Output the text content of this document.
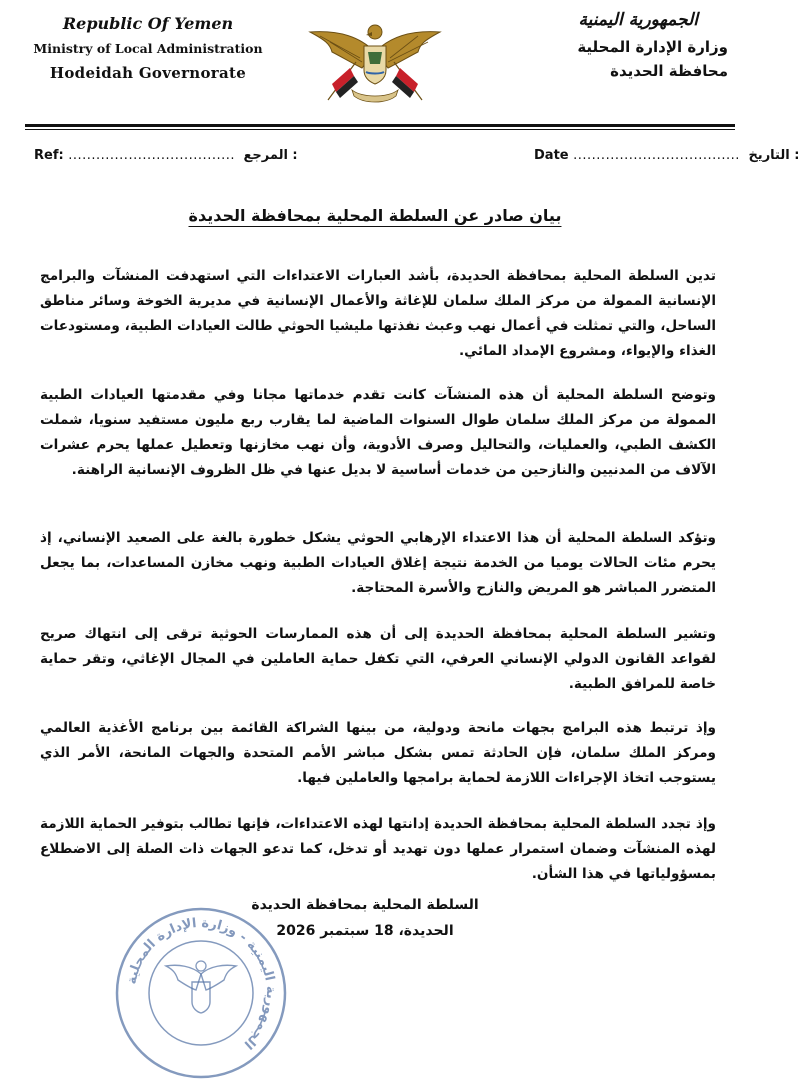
Republic Of Yemen
Ministry of Local Administration
Hodeidah Governorate
الجمهورية اليمنية
وزارة الإدارة المحلية
محافظة الحديدة
Ref: .................................... المرجع :	Date .................................... التاريخ :
بيان صادر عن السلطة المحلية بمحافظة الحديدة
تدين السلطة المحلية بمحافظة الحديدة، بأشد العبارات الاعتداءات التي استهدفت المنشآت والبرامج الإنسانية الممولة من مركز الملك سلمان للإغاثة والأعمال الإنسانية في مديرية الخوخة وسائر مناطق الساحل، والتي تمثلت في أعمال نهب وعبث نفذتها مليشيا الحوثي طالت العيادات الطبية، ومستودعات الغذاء والإيواء، ومشروع الإمداد المائي.
وتوضح السلطة المحلية أن هذه المنشآت كانت تقدم خدماتها مجانا وفي مقدمتها العيادات الطبية الممولة من مركز الملك سلمان طوال السنوات الماضية لما يقارب ربع مليون مستفيد سنويا، شملت الكشف الطبي، والعمليات، والتحاليل وصرف الأدوية، وأن نهب مخازنها وتعطيل عملها يحرم عشرات الآلاف من المدنيين والنازحين من خدمات أساسية لا بديل عنها في ظل الظروف الإنسانية الراهنة.
وتؤكد السلطة المحلية أن هذا الاعتداء الإرهابي الحوثي يشكل خطورة بالغة على الصعيد الإنساني، إذ يحرم مئات الحالات يوميا من الخدمة نتيجة إغلاق العيادات الطبية ونهب مخازن المساعدات، بما يجعل المتضرر المباشر هو المريض والنازح والأسرة المحتاجة.
وتشير السلطة المحلية بمحافظة الحديدة إلى أن هذه الممارسات الحوثية ترقى إلى انتهاك صريح لقواعد القانون الدولي الإنساني العرفي، التي تكفل حماية العاملين في المجال الإغاثي، وتقر حماية خاصة للمرافق الطبية.
وإذ ترتبط هذه البرامج بجهات مانحة ودولية، من بينها الشراكة القائمة بين برنامج الأغذية العالمي ومركز الملك سلمان، فإن الحادثة تمس بشكل مباشر الأمم المتحدة والجهات المانحة، الأمر الذي يستوجب اتخاذ الإجراءات اللازمة لحماية برامجها والعاملين فيها.
وإذ تجدد السلطة المحلية بمحافظة الحديدة إدانتها لهذه الاعتداءات، فإنها تطالب بتوفير الحماية اللازمة لهذه المنشآت وضمان استمرار عملها دون تهديد أو تدخل، كما تدعو الجهات ذات الصلة إلى الاضطلاع بمسؤولياتها في هذا الشأن.
السلطة المحلية بمحافظة الحديدة
الحديدة، 18 سبتمبر 2026
الجمهورية اليمنية - وزارة الإدارة المحلية
